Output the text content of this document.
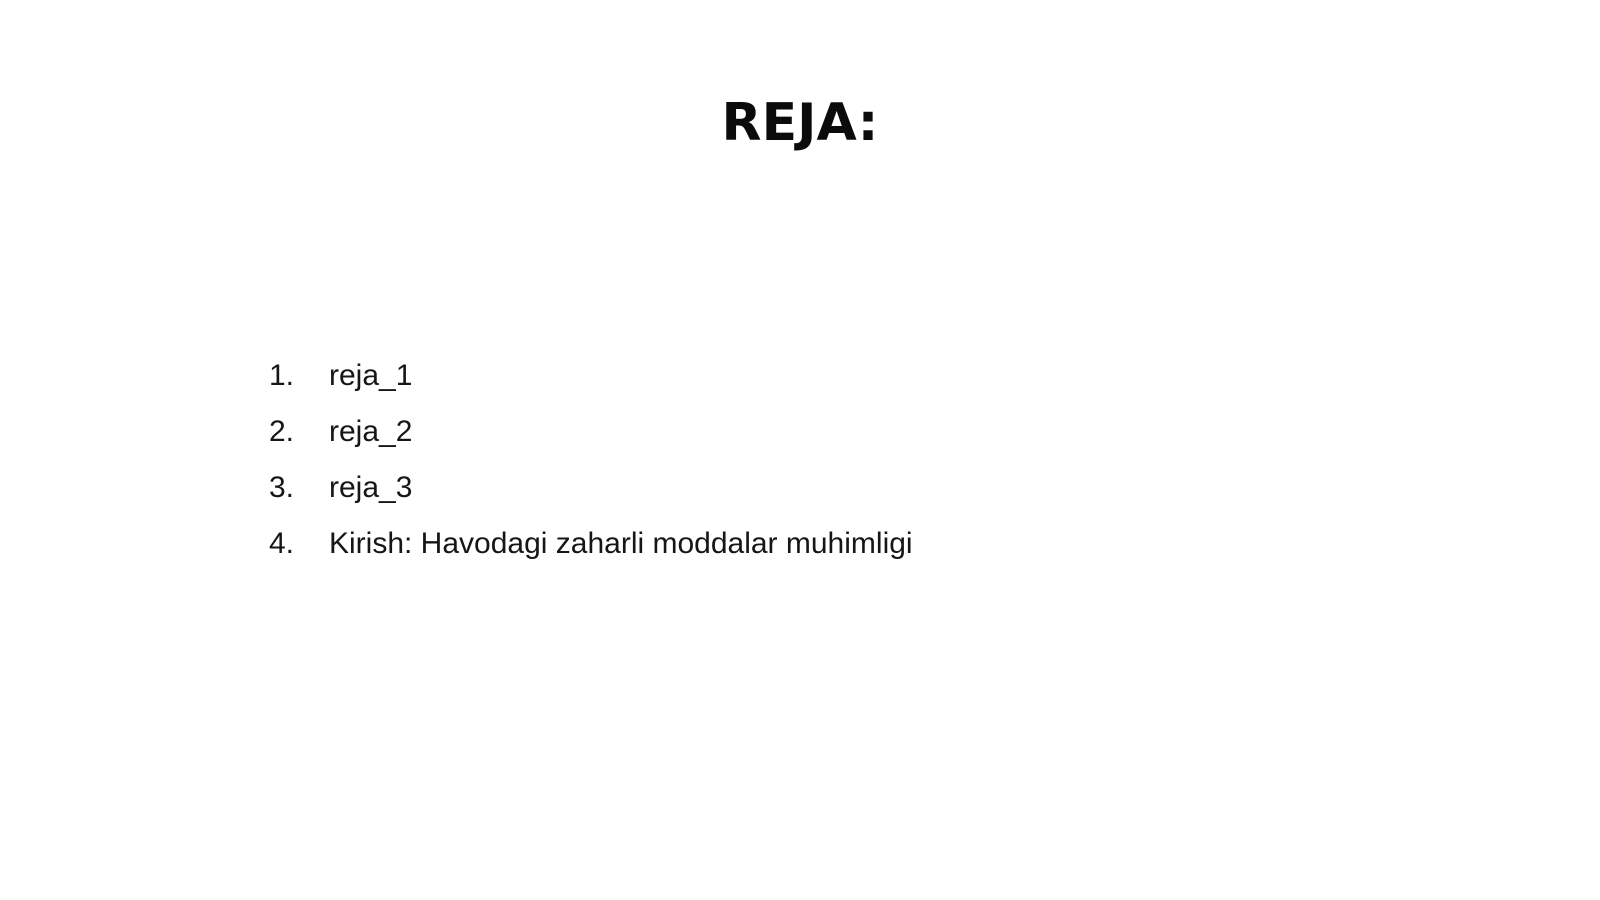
REJA:
1.	reja_1
2.	reja_2
3.	reja_3
4.	Kirish: Havodagi zaharli moddalar muhimligi
